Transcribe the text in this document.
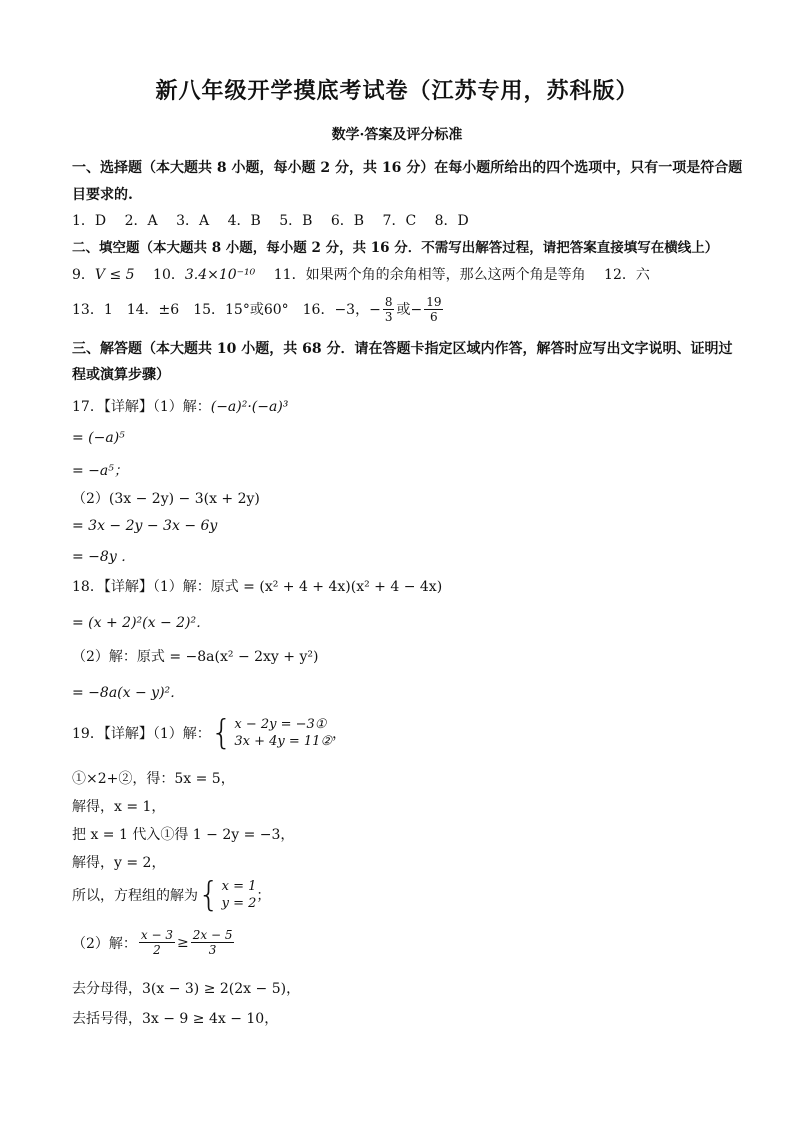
新八年级开学摸底考试卷（江苏专用，苏科版）
数学·答案及评分标准
一、选择题（本大题共 8 小题，每小题 2 分，共 16 分）在每小题所给出的四个选项中，只有一项是符合题
目要求的.
1．D 2．A 3．A 4．B 5．B 6．B 7．C 8．D
二、填空题（本大题共 8 小题，每小题 2 分，共 16 分．不需写出解答过程，请把答案直接填写在横线上）
9．V ≤ 5 10．3.4×10⁻¹⁰ 11．如果两个角的余角相等，那么这两个角是等角 12．六
13．1 14．±6 15．15°或60° 16．−3，− $\frac{8}{3}$ 或− $\frac{19}{6}$
三、解答题（本大题共 10 小题，共 68 分．请在答题卡指定区域内作答，解答时应写出文字说明、证明过
程或演算步骤）
17．【详解】（1）解：(−a)²·(−a)³
= (−a)⁵
= −a⁵；
（2）(3x − 2y) − 3(x + 2y)
= 3x − 2y − 3x − 6y
= −8y ．
18．【详解】（1）解：原式 = (x² + 4 + 4x)(x² + 4 − 4x)
= (x + 2)²(x − 2)²．
（2）解：原式 = −8a(x² − 2xy + y²)
= −8a(x − y)²．
19．【详解】（1）解： { x − 2y = −3①
3x + 4y = 11② ，
①×2+②，得：5x = 5，
解得，x = 1，
把 x = 1 代入①得 1 − 2y = −3，
解得，y = 2，
所以，方程组的解为 { x = 1
y = 2 ；
（2）解： $\frac{x - 3}{2} \ge \frac{2x - 5}{3}$
去分母得，3(x − 3) ≥ 2(2x − 5)，
去括号得，3x − 9 ≥ 4x − 10，
